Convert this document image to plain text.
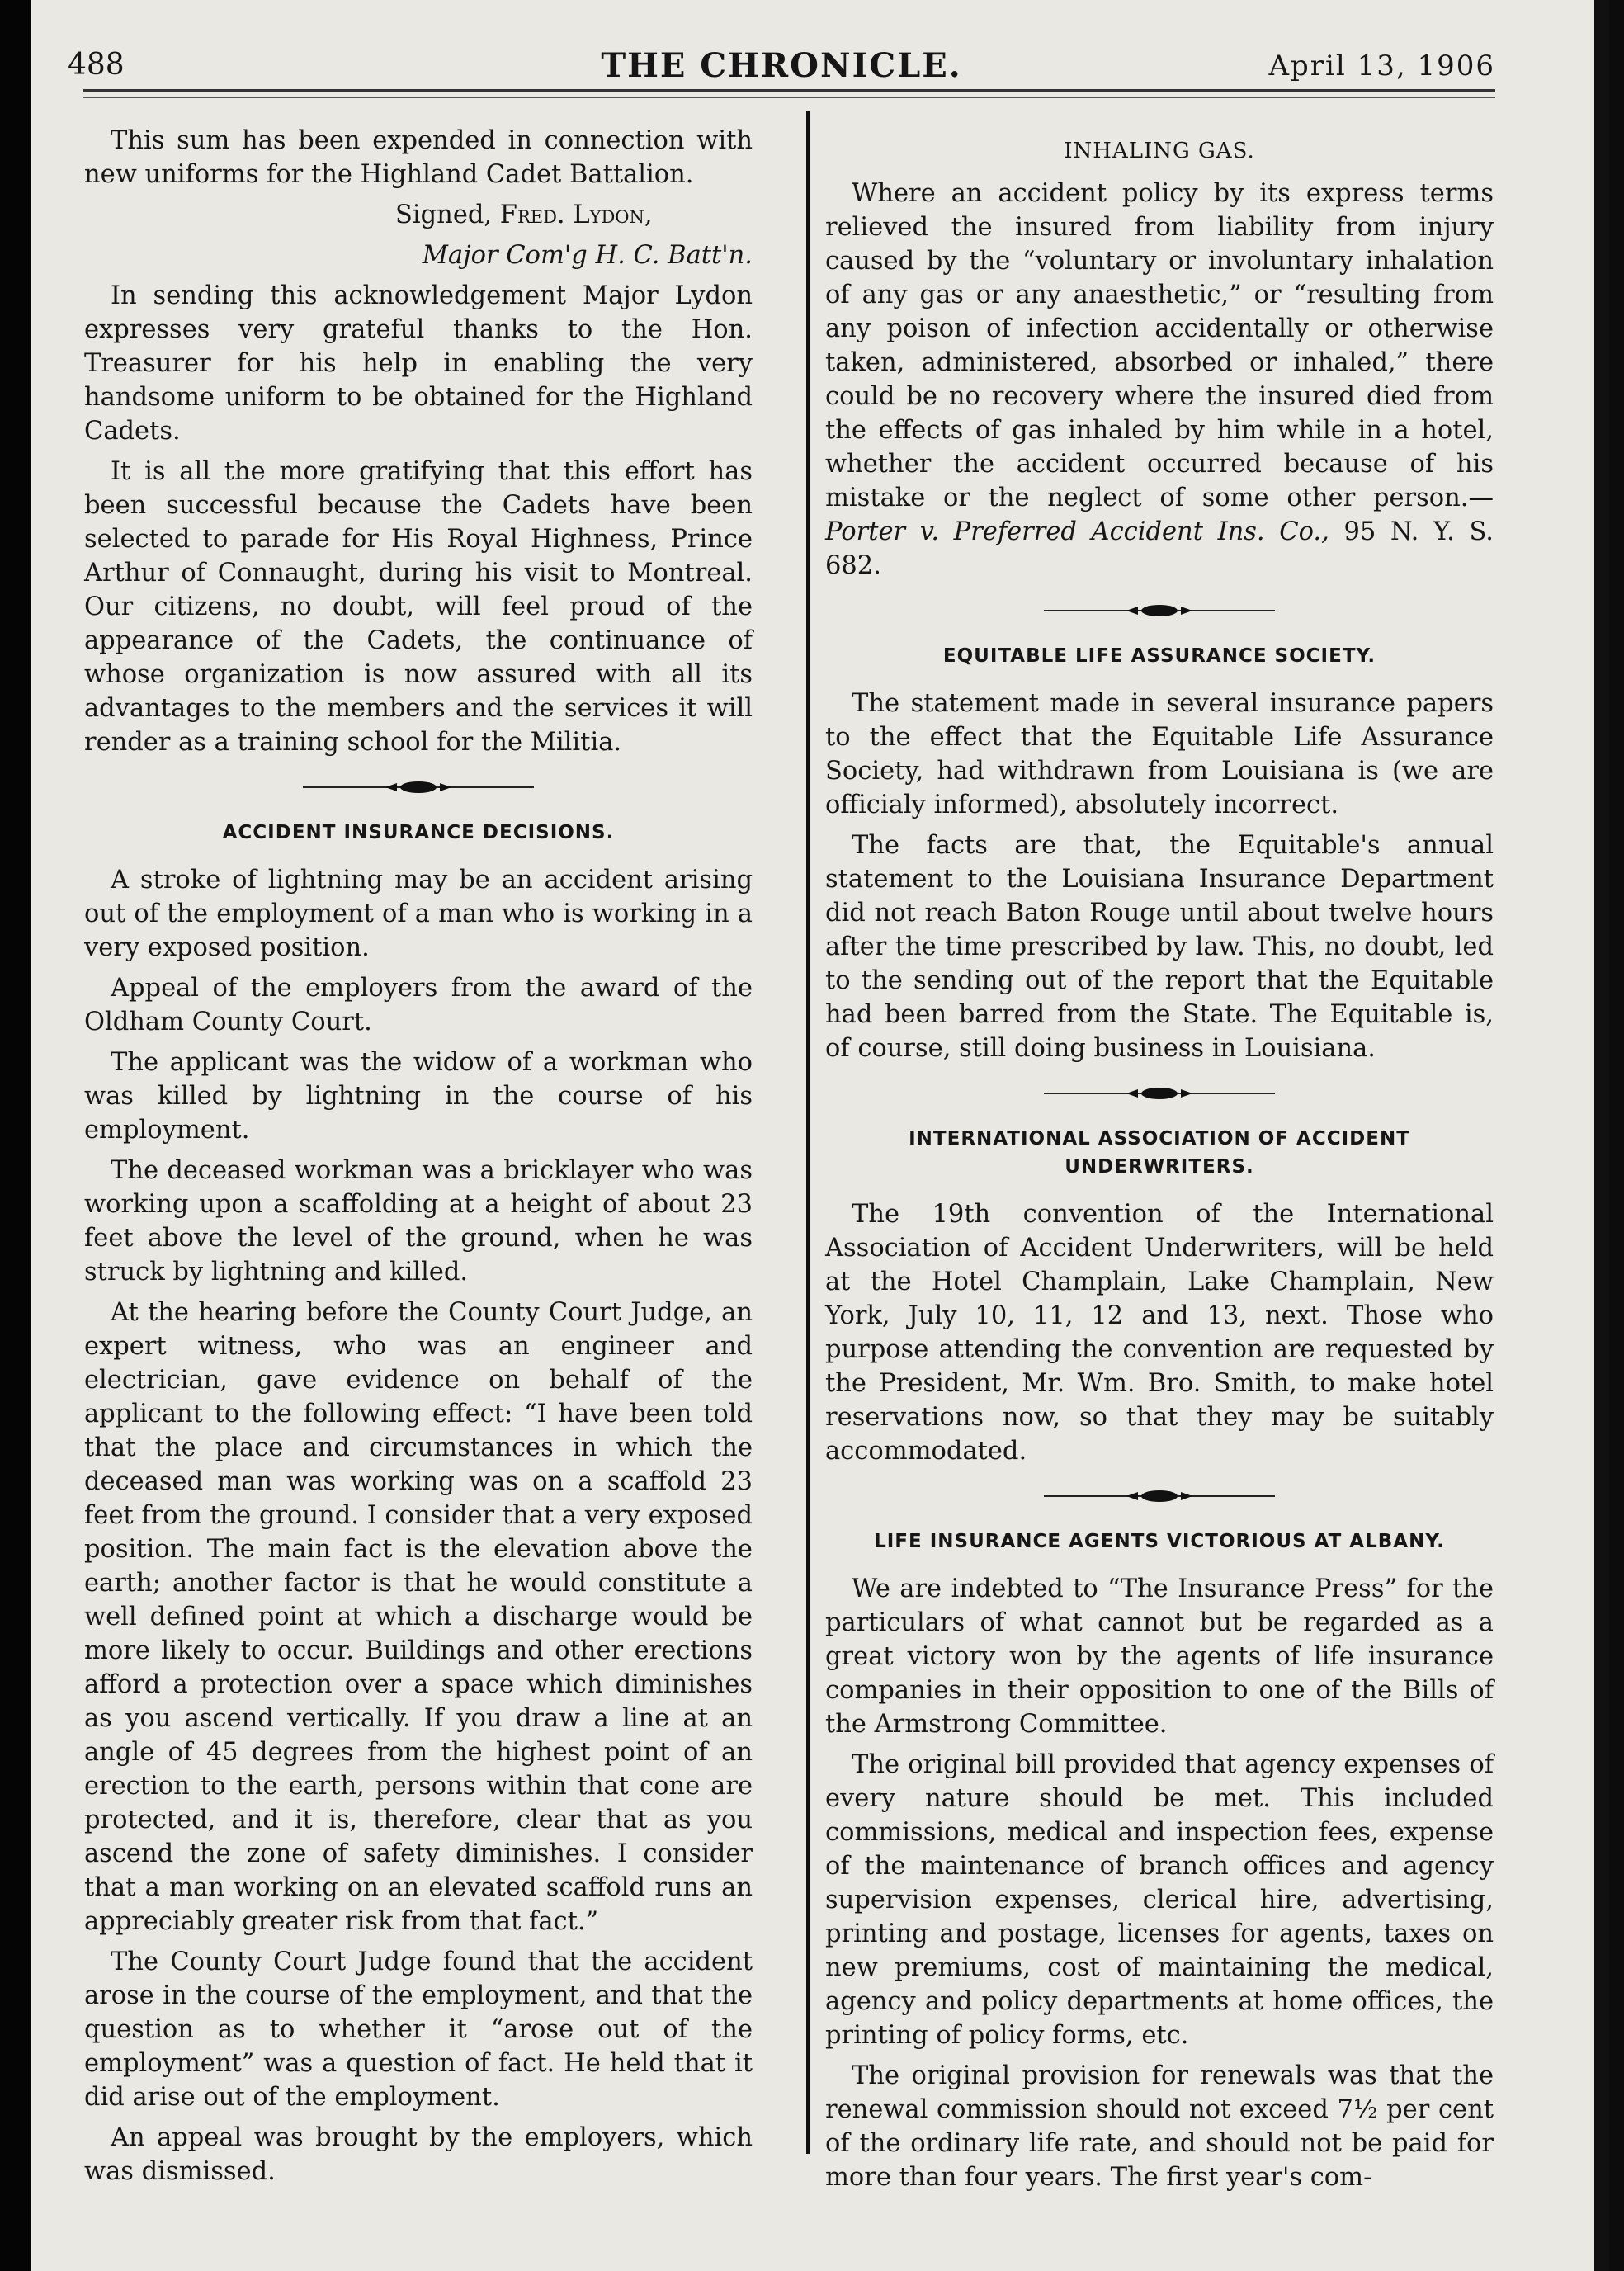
488	THE CHRONICLE.	April 13, 1906

This sum has been expended in connection with new uniforms for the Highland Cadet Battalion.

Signed, Fred. Lydon,

Major Com'g H. C. Batt'n.

In sending this acknowledgement Major Lydon expresses very grateful thanks to the Hon. Treasurer for his help in enabling the very handsome uniform to be obtained for the Highland Cadets.

It is all the more gratifying that this effort has been successful because the Cadets have been selected to parade for His Royal Highness, Prince Arthur of Connaught, during his visit to Montreal. Our citizens, no doubt, will feel proud of the appearance of the Cadets, the continuance of whose organization is now assured with all its advantages to the members and the services it will render as a training school for the Militia.

ACCIDENT INSURANCE DECISIONS.

A stroke of lightning may be an accident arising out of the employment of a man who is working in a very exposed position.

Appeal of the employers from the award of the Oldham County Court.

The applicant was the widow of a workman who was killed by lightning in the course of his employment.

The deceased workman was a bricklayer who was working upon a scaffolding at a height of about 23 feet above the level of the ground, when he was struck by lightning and killed.

At the hearing before the County Court Judge, an expert witness, who was an engineer and electrician, gave evidence on behalf of the applicant to the following effect: “I have been told that the place and circumstances in which the deceased man was working was on a scaffold 23 feet from the ground. I consider that a very exposed position. The main fact is the elevation above the earth; another factor is that he would constitute a well defined point at which a discharge would be more likely to occur. Buildings and other erections afford a protection over a space which diminishes as you ascend vertically. If you draw a line at an angle of 45 degrees from the highest point of an erection to the earth, persons within that cone are protected, and it is, therefore, clear that as you ascend the zone of safety diminishes. I consider that a man working on an elevated scaffold runs an appreciably greater risk from that fact.”

The County Court Judge found that the accident arose in the course of the employment, and that the question as to whether it “arose out of the employment” was a question of fact. He held that it did arise out of the employment.

An appeal was brought by the employers, which was dismissed.

INHALING GAS.

Where an accident policy by its express terms relieved the insured from liability from injury caused by the “voluntary or involuntary inhalation of any gas or any anaesthetic,” or “resulting from any poison of infection accidentally or otherwise taken, administered, absorbed or inhaled,” there could be no recovery where the insured died from the effects of gas inhaled by him while in a hotel, whether the accident occurred because of his mistake or the neglect of some other person.—Porter v. Preferred Accident Ins. Co., 95 N. Y. S. 682.

EQUITABLE LIFE ASSURANCE SOCIETY.

The statement made in several insurance papers to the effect that the Equitable Life Assurance Society, had withdrawn from Louisiana is (we are officialy informed), absolutely incorrect.

The facts are that, the Equitable's annual statement to the Louisiana Insurance Department did not reach Baton Rouge until about twelve hours after the time prescribed by law. This, no doubt, led to the sending out of the report that the Equitable had been barred from the State. The Equitable is, of course, still doing business in Louisiana.

INTERNATIONAL ASSOCIATION OF ACCIDENT UNDERWRITERS.

The 19th convention of the International Association of Accident Underwriters, will be held at the Hotel Champlain, Lake Champlain, New York, July 10, 11, 12 and 13, next. Those who purpose attending the convention are requested by the President, Mr. Wm. Bro. Smith, to make hotel reservations now, so that they may be suitably accommodated.

LIFE INSURANCE AGENTS VICTORIOUS AT ALBANY.

We are indebted to “The Insurance Press” for the particulars of what cannot but be regarded as a great victory won by the agents of life insurance companies in their opposition to one of the Bills of the Armstrong Committee.

The original bill provided that agency expenses of every nature should be met. This included commissions, medical and inspection fees, expense of the maintenance of branch offices and agency supervision expenses, clerical hire, advertising, printing and postage, licenses for agents, taxes on new premiums, cost of maintaining the medical, agency and policy departments at home offices, the printing of policy forms, etc.

The original provision for renewals was that the renewal commission should not exceed 7½ per cent of the ordinary life rate, and should not be paid for more than four years. The first year's com-
